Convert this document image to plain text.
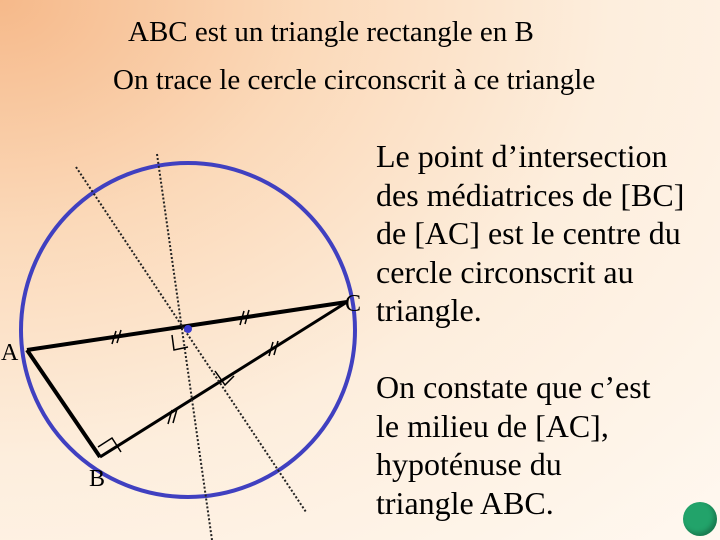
ABC est un triangle rectangle en B
On trace le cercle circonscrit à ce triangle
A
B
C
Le point d’intersection
des médiatrices de [BC]
de [AC] est le centre du
cercle circonscrit au
triangle.
On constate que c’est
le milieu de [AC],
hypoténuse du
triangle ABC.
